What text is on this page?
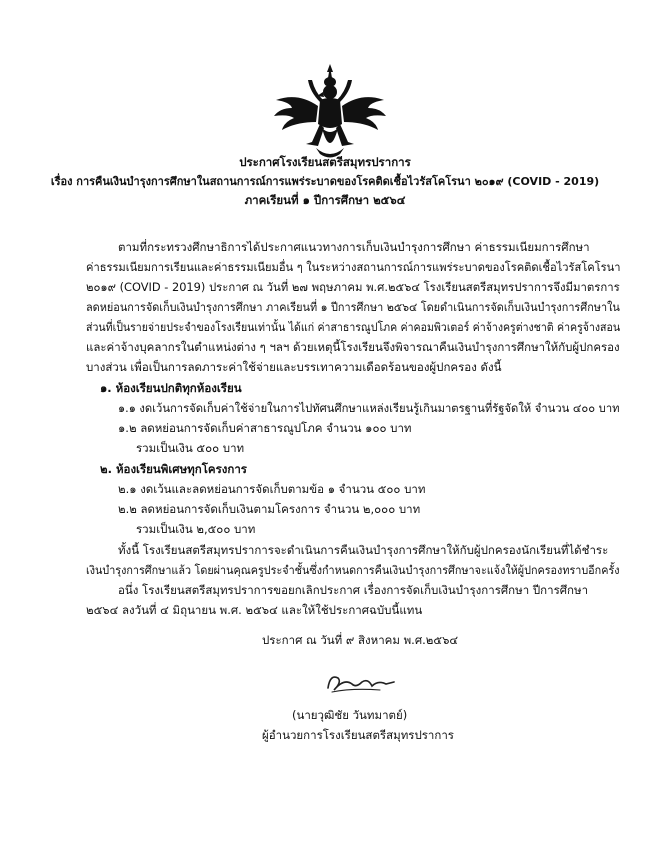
ประกาศโรงเรียนสตรีสมุทรปราการ
เรื่อง การคืนเงินบำรุงการศึกษาในสถานการณ์การแพร่ระบาดของโรคติดเชื้อไวรัสโคโรนา ๒๐๑๙ (COVID - 2019)
ภาคเรียนที่ ๑ ปีการศึกษา ๒๕๖๔
ตามที่กระทรวงศึกษาธิการได้ประกาศแนวทางการเก็บเงินบำรุงการศึกษา ค่าธรรมเนียมการศึกษา
ค่าธรรมเนียมการเรียนและค่าธรรมเนียมอื่น ๆ ในระหว่างสถานการณ์การแพร่ระบาดของโรคติดเชื้อไวรัสโคโรนา
๒๐๑๙ (COVID - 2019) ประกาศ ณ วันที่ ๒๗ พฤษภาคม พ.ศ.๒๕๖๔ โรงเรียนสตรีสมุทรปราการจึงมีมาตรการ
ลดหย่อนการจัดเก็บเงินบำรุงการศึกษา ภาคเรียนที่ ๑ ปีการศึกษา ๒๕๖๔ โดยดำเนินการจัดเก็บเงินบำรุงการศึกษาใน
ส่วนที่เป็นรายจ่ายประจำของโรงเรียนเท่านั้น ได้แก่ ค่าสาธารณูปโภค ค่าคอมพิวเตอร์ ค่าจ้างครูต่างชาติ ค่าครูจ้างสอน
และค่าจ้างบุคลากรในตำแหน่งต่าง ๆ ฯลฯ ด้วยเหตุนี้โรงเรียนจึงพิจารณาคืนเงินบำรุงการศึกษาให้กับผู้ปกครอง
บางส่วน เพื่อเป็นการลดภาระค่าใช้จ่ายและบรรเทาความเดือดร้อนของผู้ปกครอง ดังนี้
๑. ห้องเรียนปกติทุกห้องเรียน
๑.๑ งดเว้นการจัดเก็บค่าใช้จ่ายในการไปทัศนศึกษาแหล่งเรียนรู้เกินมาตรฐานที่รัฐจัดให้ จำนวน ๔๐๐ บาท
๑.๒ ลดหย่อนการจัดเก็บค่าสาธารณูปโภค จำนวน ๑๐๐ บาท
รวมเป็นเงิน ๕๐๐ บาท
๒. ห้องเรียนพิเศษทุกโครงการ
๒.๑ งดเว้นและลดหย่อนการจัดเก็บตามข้อ ๑ จำนวน ๕๐๐ บาท
๒.๒ ลดหย่อนการจัดเก็บเงินตามโครงการ จำนวน ๒,๐๐๐ บาท
รวมเป็นเงิน ๒,๕๐๐ บาท
ทั้งนี้ โรงเรียนสตรีสมุทรปราการจะดำเนินการคืนเงินบำรุงการศึกษาให้กับผู้ปกครองนักเรียนที่ได้ชำระ
เงินบำรุงการศึกษาแล้ว โดยผ่านคุณครูประจำชั้นซึ่งกำหนดการคืนเงินบำรุงการศึกษาจะแจ้งให้ผู้ปกครองทราบอีกครั้ง
อนึ่ง โรงเรียนสตรีสมุทรปราการขอยกเลิกประกาศ เรื่องการจัดเก็บเงินบำรุงการศึกษา ปีการศึกษา
๒๕๖๔ ลงวันที่ ๔ มิถุนายน พ.ศ. ๒๕๖๔ และให้ใช้ประกาศฉบับนี้แทน
ประกาศ ณ วันที่ ๙ สิงหาคม พ.ศ.๒๕๖๔
(นายวุฒิชัย วันทมาตย์)
ผู้อำนวยการโรงเรียนสตรีสมุทรปราการ
